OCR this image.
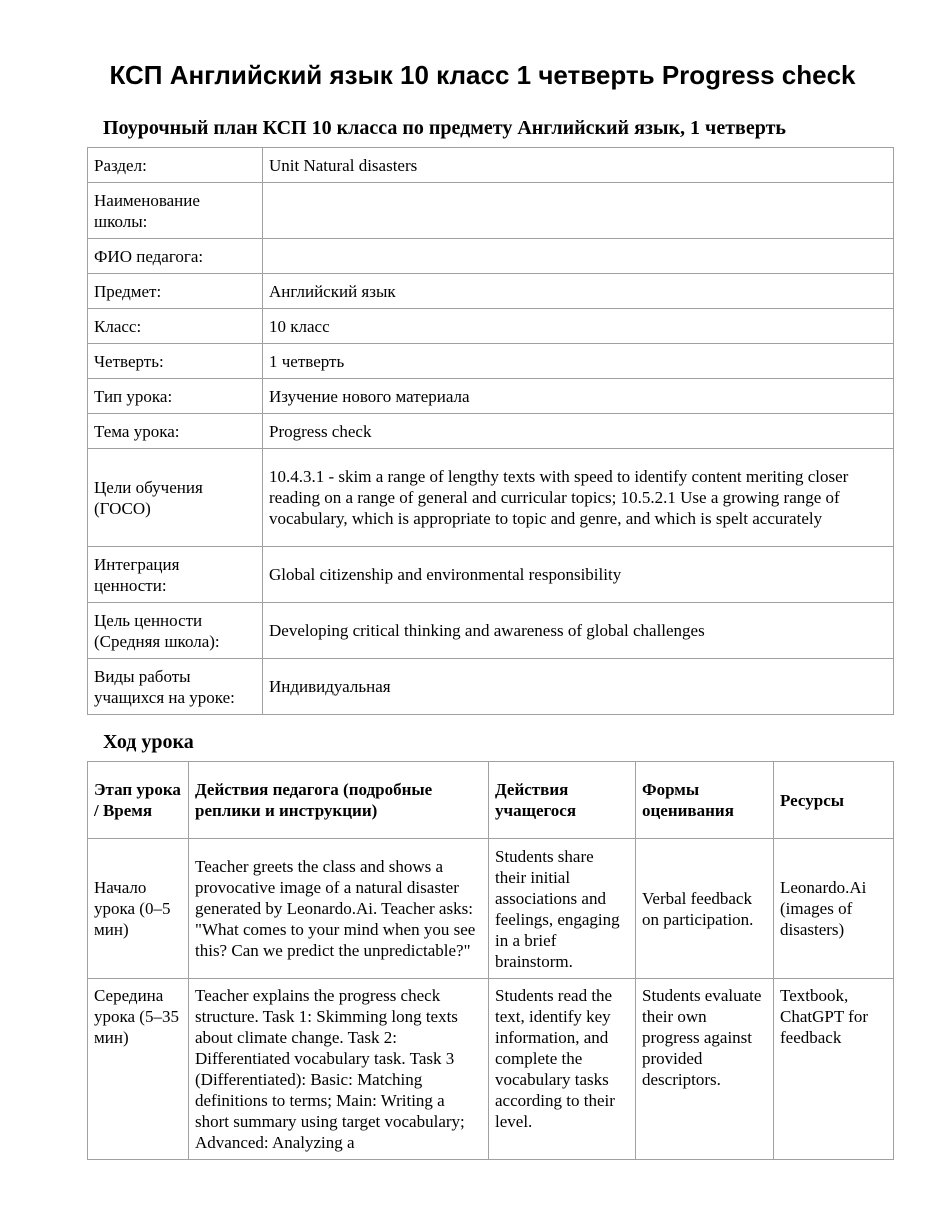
КСП Английский язык 10 класс 1 четверть Progress check

Поурочный план КСП 10 класса по предмету Английский язык, 1 четверть

Раздел:	Unit Natural disasters
Наименование школы:	
ФИО педагога:	
Предмет:	Английский язык
Класс:	10 класс
Четверть:	1 четверть
Тип урока:	Изучение нового материала
Тема урока:	Progress check
Цели обучения (ГОСО)	10.4.3.1 - skim a range of lengthy texts with speed to identify content meriting closer reading on a range of general and curricular topics; 10.5.2.1 Use a growing range of vocabulary, which is appropriate to topic and genre, and which is spelt accurately
Интеграция ценности:	Global citizenship and environmental responsibility
Цель ценности (Средняя школа):	Developing critical thinking and awareness of global challenges
Виды работы учащихся на уроке:	Индивидуальная

Ход урока

Этап урока / Время	Действия педагога (подробные реплики и инструкции)	Действия учащегося	Формы оценивания	Ресурсы
Начало урока (0–5 мин)	Teacher greets the class and shows a provocative image of a natural disaster generated by Leonardo.Ai. Teacher asks: "What comes to your mind when you see this? Can we predict the unpredictable?"	Students share their initial associations and feelings, engaging in a brief brainstorm.	Verbal feedback on participation.	Leonardo.Ai (images of disasters)
Середина урока (5–35 мин)	Teacher explains the progress check structure. Task 1: Skimming long texts about climate change. Task 2: Differentiated vocabulary task. Task 3 (Differentiated): Basic: Matching definitions to terms; Main: Writing a short summary using target vocabulary; Advanced: Analyzing a	Students read the text, identify key information, and complete the vocabulary tasks according to their level.	Students evaluate their own progress against provided descriptors.	Textbook, ChatGPT for feedback
